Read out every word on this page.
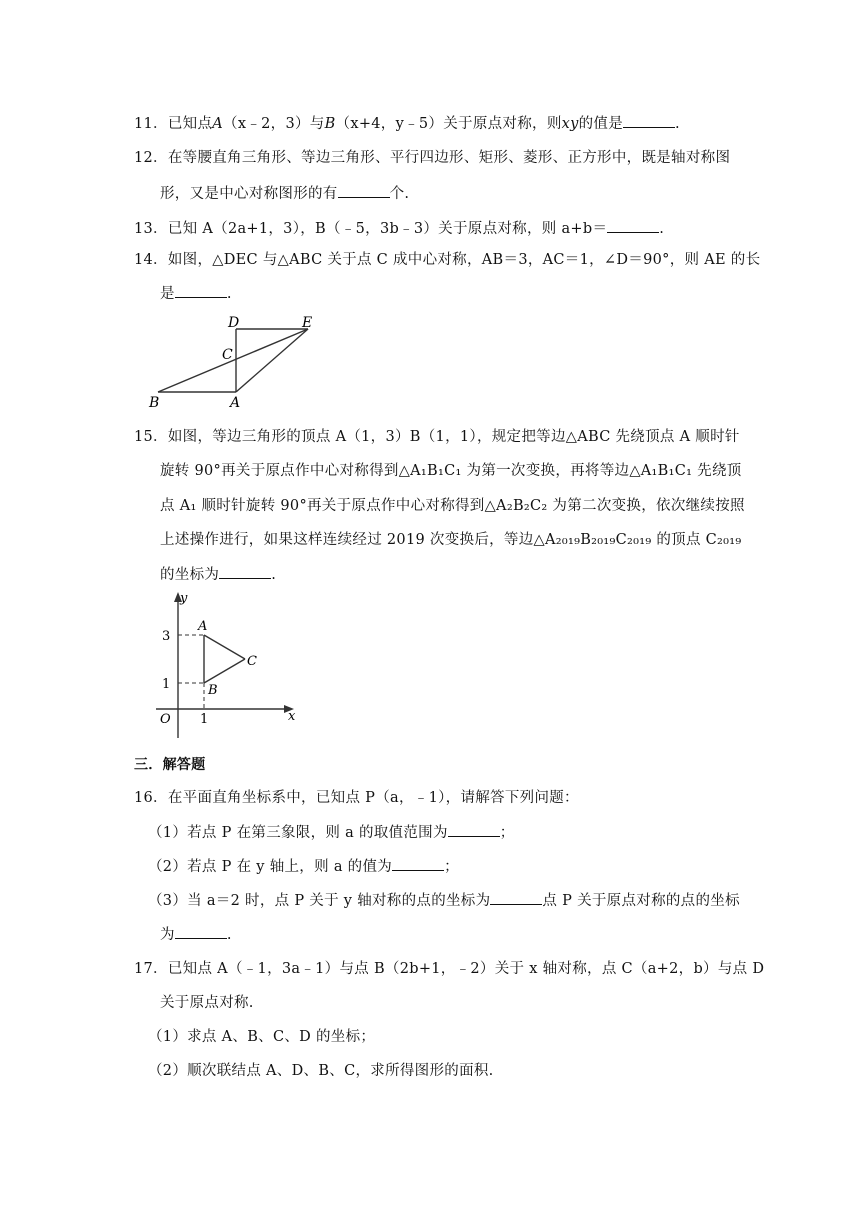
11．已知点A（x﹣2，3）与B（x+4，y﹣5）关于原点对称，则xy的值是	.
12．在等腰直角三角形、等边三角形、平行四边形、矩形、菱形、正方形中，既是轴对称图
形，又是中心对称图形的有	个.
13．已知 A（2a+1，3），B（﹣5，3b﹣3）关于原点对称，则 a+b＝	.
14．如图，△DEC 与△ABC 关于点 C 成中心对称，AB＝3，AC＝1，∠D＝90°，则 AE 的长
是	.
D	E
C
B	A
15．如图，等边三角形的顶点 A（1，3）B（1，1），规定把等边△ABC 先绕顶点 A 顺时针
旋转 90°再关于原点作中心对称得到△A₁B₁C₁ 为第一次变换，再将等边△A₁B₁C₁ 先绕顶
点 A₁ 顺时针旋转 90°再关于原点作中心对称得到△A₂B₂C₂ 为第二次变换，依次继续按照
上述操作进行，如果这样连续经过 2019 次变换后，等边△A₂₀₁₉B₂₀₁₉C₂₀₁₉ 的顶点 C₂₀₁₉
的坐标为	.
y
x
O
A
B
C
3
1
1
三．解答题
16．在平面直角坐标系中，已知点 P（a，﹣1），请解答下列问题：
（1）若点 P 在第三象限，则 a 的取值范围为	；
（2）若点 P 在 y 轴上，则 a 的值为	；
（3）当 a＝2 时，点 P 关于 y 轴对称的点的坐标为	点 P 关于原点对称的点的坐标
为	.
17．已知点 A（﹣1，3a﹣1）与点 B（2b+1，﹣2）关于 x 轴对称，点 C（a+2，b）与点 D
关于原点对称.
（1）求点 A、B、C、D 的坐标；
（2）顺次联结点 A、D、B、C，求所得图形的面积.
